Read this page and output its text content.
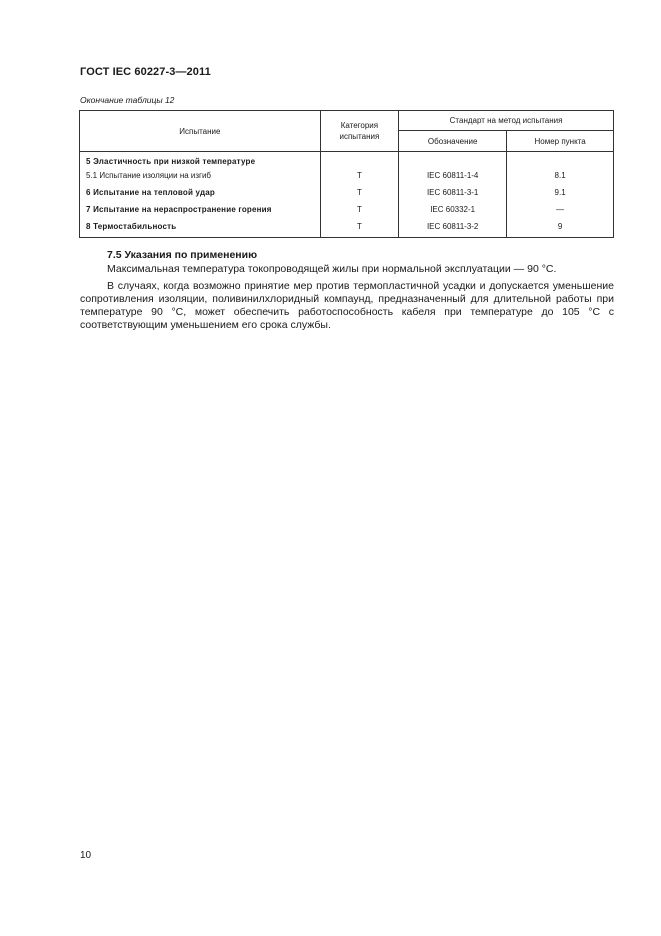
ГОСТ IEC 60227-3—2011
Окончание таблицы 12
Испытание	Категория испытания	Стандарт на метод испытания	
		Обозначение	Номер пункта
5 Эластичность при низкой температуре			
5.1 Испытание изоляции на изгиб	Т	IEC 60811-1-4	8.1
6 Испытание на тепловой удар	Т	IEC 60811-3-1	9.1
7 Испытание на нераспространение горения	Т	IEC 60332-1	—
8 Термостабильность	Т	IEC 60811-3-2	9
7.5 Указания по применению
Максимальная температура токопроводящей жилы при нормальной эксплуатации — 90 °С.
В случаях, когда возможно принятие мер против термопластичной усадки и допускается уменьшение сопротивления изоляции, поливинилхлоридный компаунд, предназначенный для длительной работы при температуре 90 °С, может обеспечить работоспособность кабеля при температуре до 105 °С с соответствующим уменьшением его срока службы.
10
